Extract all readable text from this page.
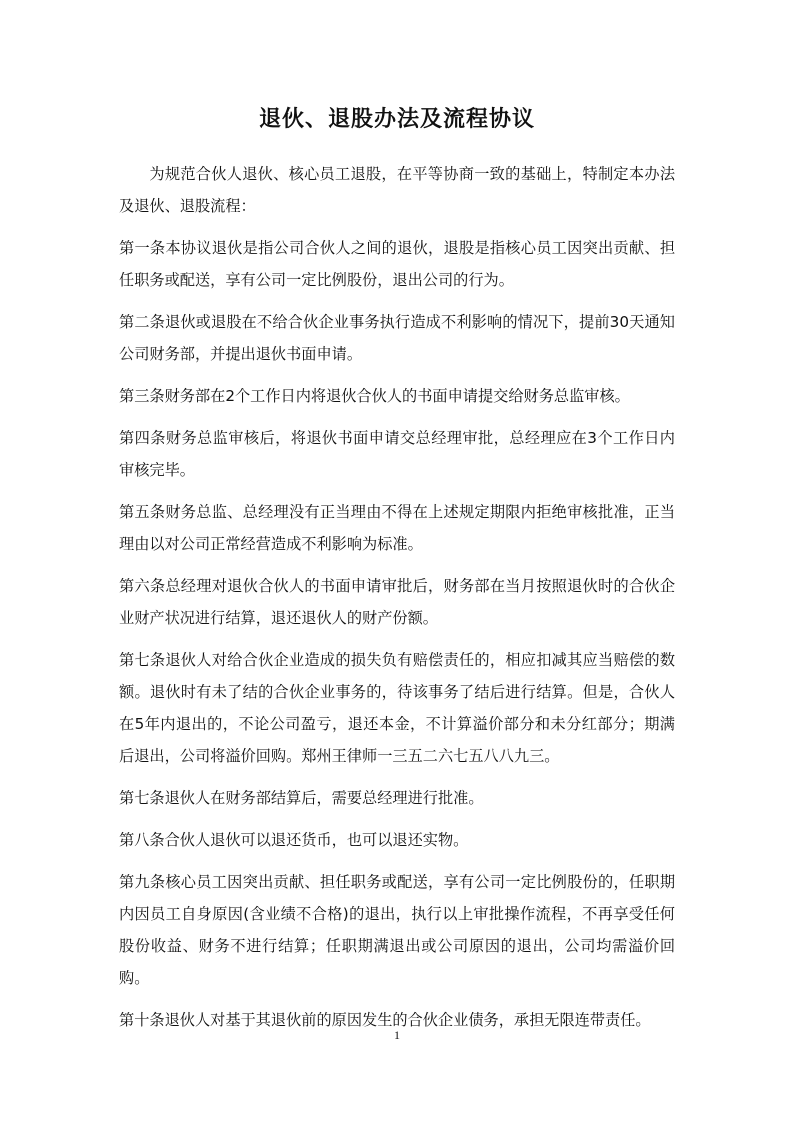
退伙、退股办法及流程协议

为规范合伙人退伙、核心员工退股，在平等协商一致的基础上，特制定本办法及退伙、退股流程：

第一条本协议退伙是指公司合伙人之间的退伙，退股是指核心员工因突出贡献、担任职务或配送，享有公司一定比例股份，退出公司的行为。

第二条退伙或退股在不给合伙企业事务执行造成不利影响的情况下，提前30天通知公司财务部，并提出退伙书面申请。

第三条财务部在2个工作日内将退伙合伙人的书面申请提交给财务总监审核。

第四条财务总监审核后，将退伙书面申请交总经理审批，总经理应在3个工作日内审核完毕。

第五条财务总监、总经理没有正当理由不得在上述规定期限内拒绝审核批准，正当理由以对公司正常经营造成不利影响为标准。

第六条总经理对退伙合伙人的书面申请审批后，财务部在当月按照退伙时的合伙企业财产状况进行结算，退还退伙人的财产份额。

第七条退伙人对给合伙企业造成的损失负有赔偿责任的，相应扣减其应当赔偿的数额。退伙时有未了结的合伙企业事务的，待该事务了结后进行结算。但是，合伙人在5年内退出的，不论公司盈亏，退还本金，不计算溢价部分和未分红部分；期满后退出，公司将溢价回购。郑州王律师一三五二六七五八八九三。

第七条退伙人在财务部结算后，需要总经理进行批准。

第八条合伙人退伙可以退还货币，也可以退还实物。

第九条核心员工因突出贡献、担任职务或配送，享有公司一定比例股份的，任职期内因员工自身原因(含业绩不合格)的退出，执行以上审批操作流程，不再享受任何股份收益、财务不进行结算；任职期满退出或公司原因的退出，公司均需溢价回购。

第十条退伙人对基于其退伙前的原因发生的合伙企业债务，承担无限连带责任。

1
